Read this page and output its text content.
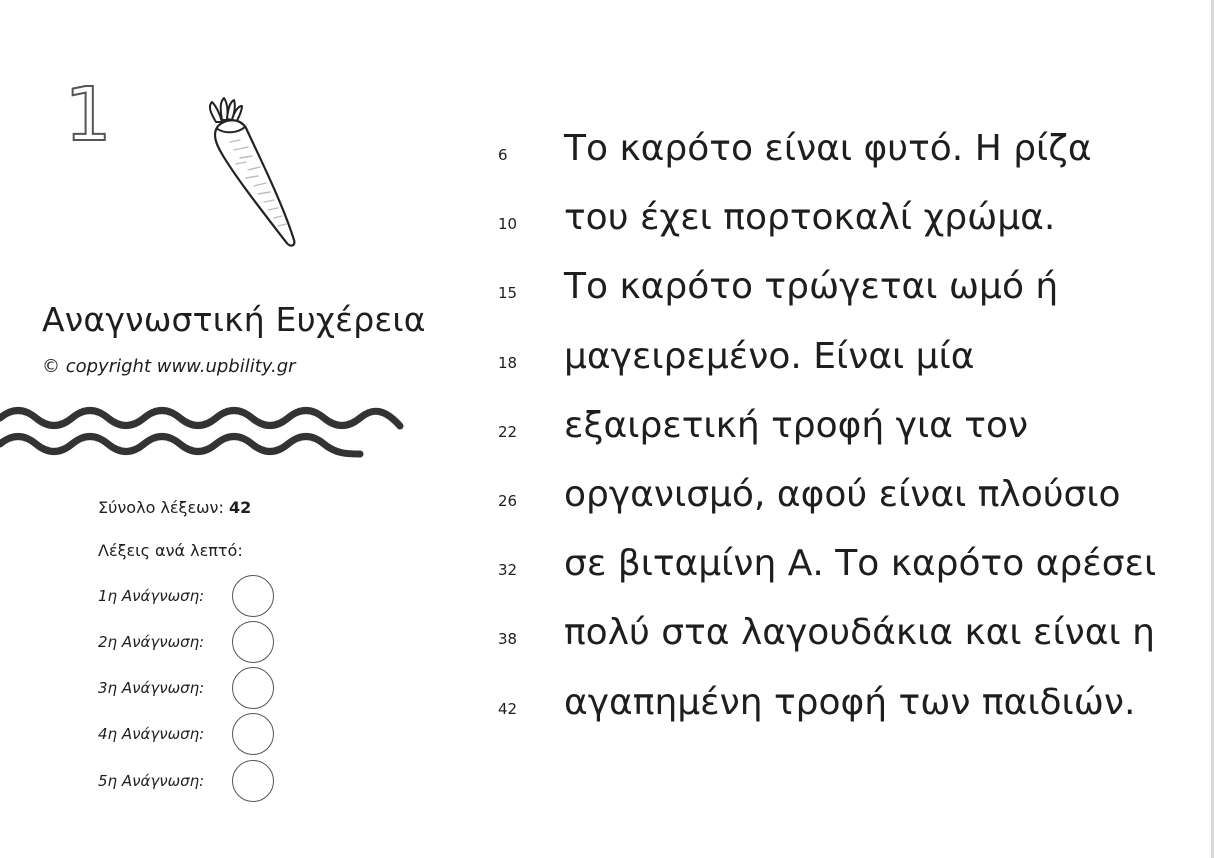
1
Αναγνωστική Ευχέρεια
© copyright www.upbility.gr
Σύνολο λέξεων: 42
Λέξεις ανά λεπτό:
1η Ανάγνωση:
2η Ανάγνωση:
3η Ανάγνωση:
4η Ανάγνωση:
5η Ανάγνωση:
6 Το καρότο είναι φυτό. Η ρίζα
10 του έχει πορτοκαλί χρώμα.
15 Το καρότο τρώγεται ωμό ή
18 μαγειρεμένο. Είναι μία
22 εξαιρετική τροφή για τον
26 οργανισμό, αφού είναι πλούσιο
32 σε βιταμίνη Α. Το καρότο αρέσει
38 πολύ στα λαγουδάκια και είναι η
42 αγαπημένη τροφή των παιδιών.
